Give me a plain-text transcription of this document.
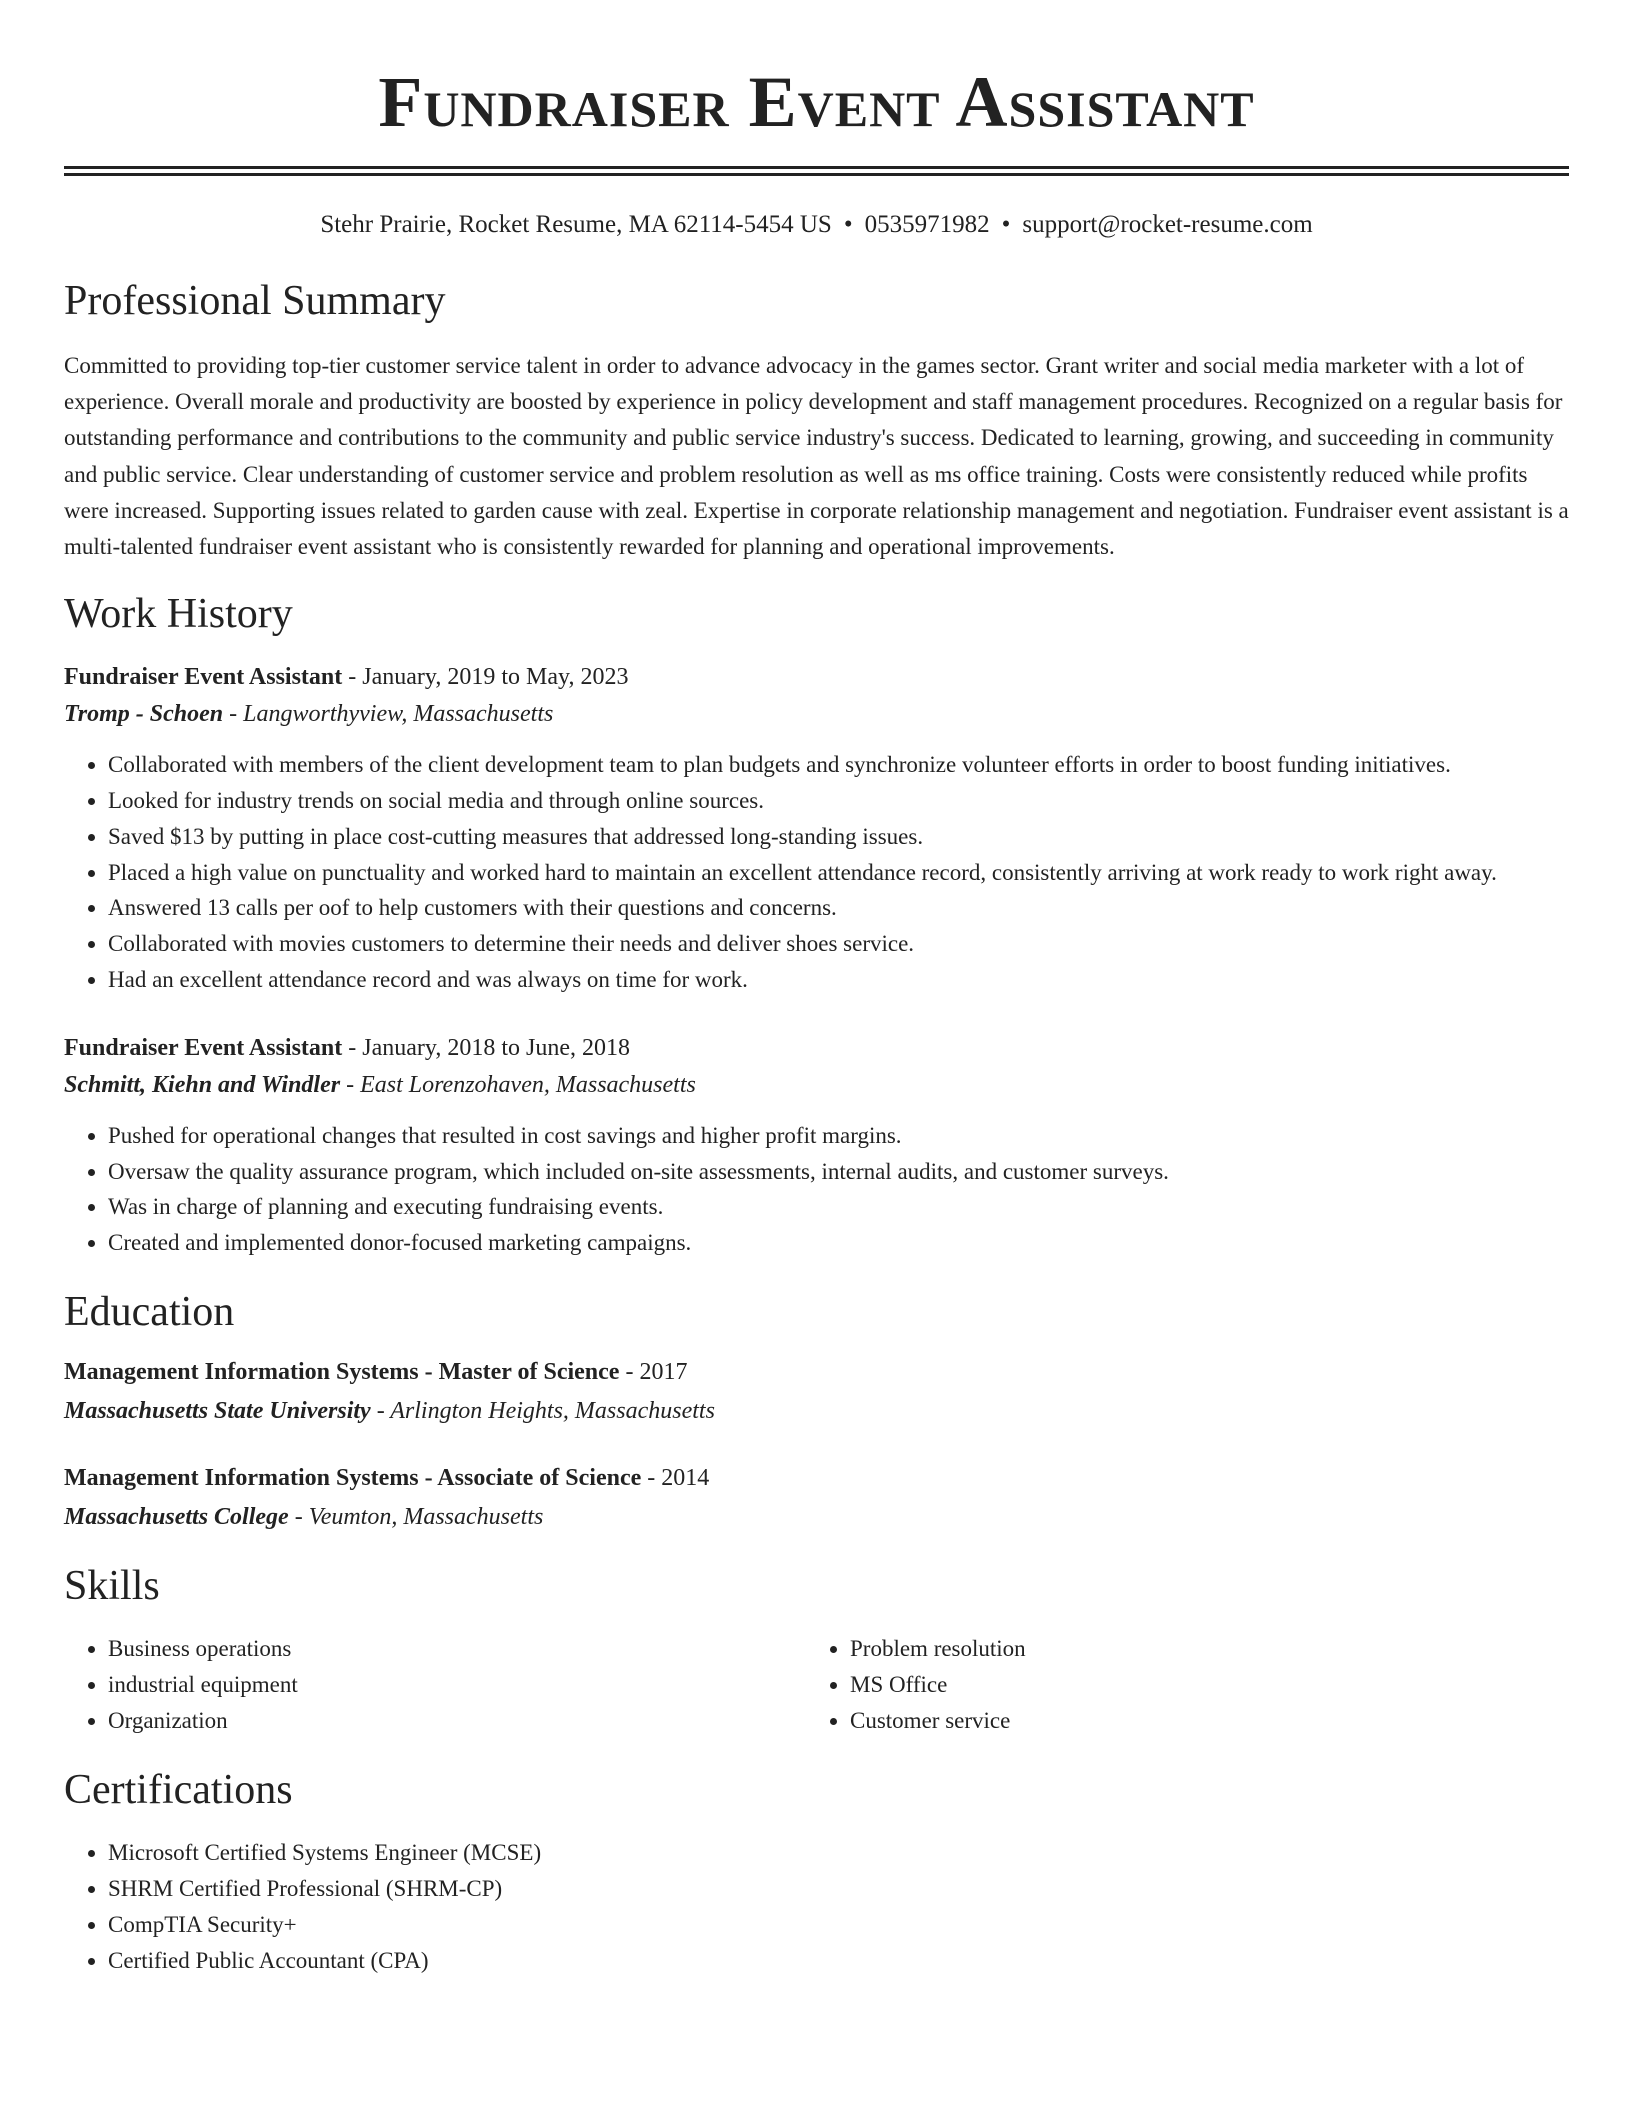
Fundraiser Event Assistant
Stehr Prairie, Rocket Resume, MA 62114-5454 US • 0535971982 • support@rocket-resume.com
Professional Summary
Committed to providing top-tier customer service talent in order to advance advocacy in the games sector. Grant writer and social media marketer with a lot of experience. Overall morale and productivity are boosted by experience in policy development and staff management procedures. Recognized on a regular basis for outstanding performance and contributions to the community and public service industry's success. Dedicated to learning, growing, and succeeding in community and public service. Clear understanding of customer service and problem resolution as well as ms office training. Costs were consistently reduced while profits were increased. Supporting issues related to garden cause with zeal. Expertise in corporate relationship management and negotiation. Fundraiser event assistant is a multi-talented fundraiser event assistant who is consistently rewarded for planning and operational improvements.
Work History
Fundraiser Event Assistant - January, 2019 to May, 2023
Tromp - Schoen - Langworthyview, Massachusetts
• Collaborated with members of the client development team to plan budgets and synchronize volunteer efforts in order to boost funding initiatives.
• Looked for industry trends on social media and through online sources.
• Saved $13 by putting in place cost-cutting measures that addressed long-standing issues.
• Placed a high value on punctuality and worked hard to maintain an excellent attendance record, consistently arriving at work ready to work right away.
• Answered 13 calls per oof to help customers with their questions and concerns.
• Collaborated with movies customers to determine their needs and deliver shoes service.
• Had an excellent attendance record and was always on time for work.
Fundraiser Event Assistant - January, 2018 to June, 2018
Schmitt, Kiehn and Windler - East Lorenzohaven, Massachusetts
• Pushed for operational changes that resulted in cost savings and higher profit margins.
• Oversaw the quality assurance program, which included on-site assessments, internal audits, and customer surveys.
• Was in charge of planning and executing fundraising events.
• Created and implemented donor-focused marketing campaigns.
Education
Management Information Systems - Master of Science - 2017
Massachusetts State University - Arlington Heights, Massachusetts
Management Information Systems - Associate of Science - 2014
Massachusetts College - Veumton, Massachusetts
Skills
• Business operations
• industrial equipment
• Organization
• Problem resolution
• MS Office
• Customer service
Certifications
• Microsoft Certified Systems Engineer (MCSE)
• SHRM Certified Professional (SHRM-CP)
• CompTIA Security+
• Certified Public Accountant (CPA)
